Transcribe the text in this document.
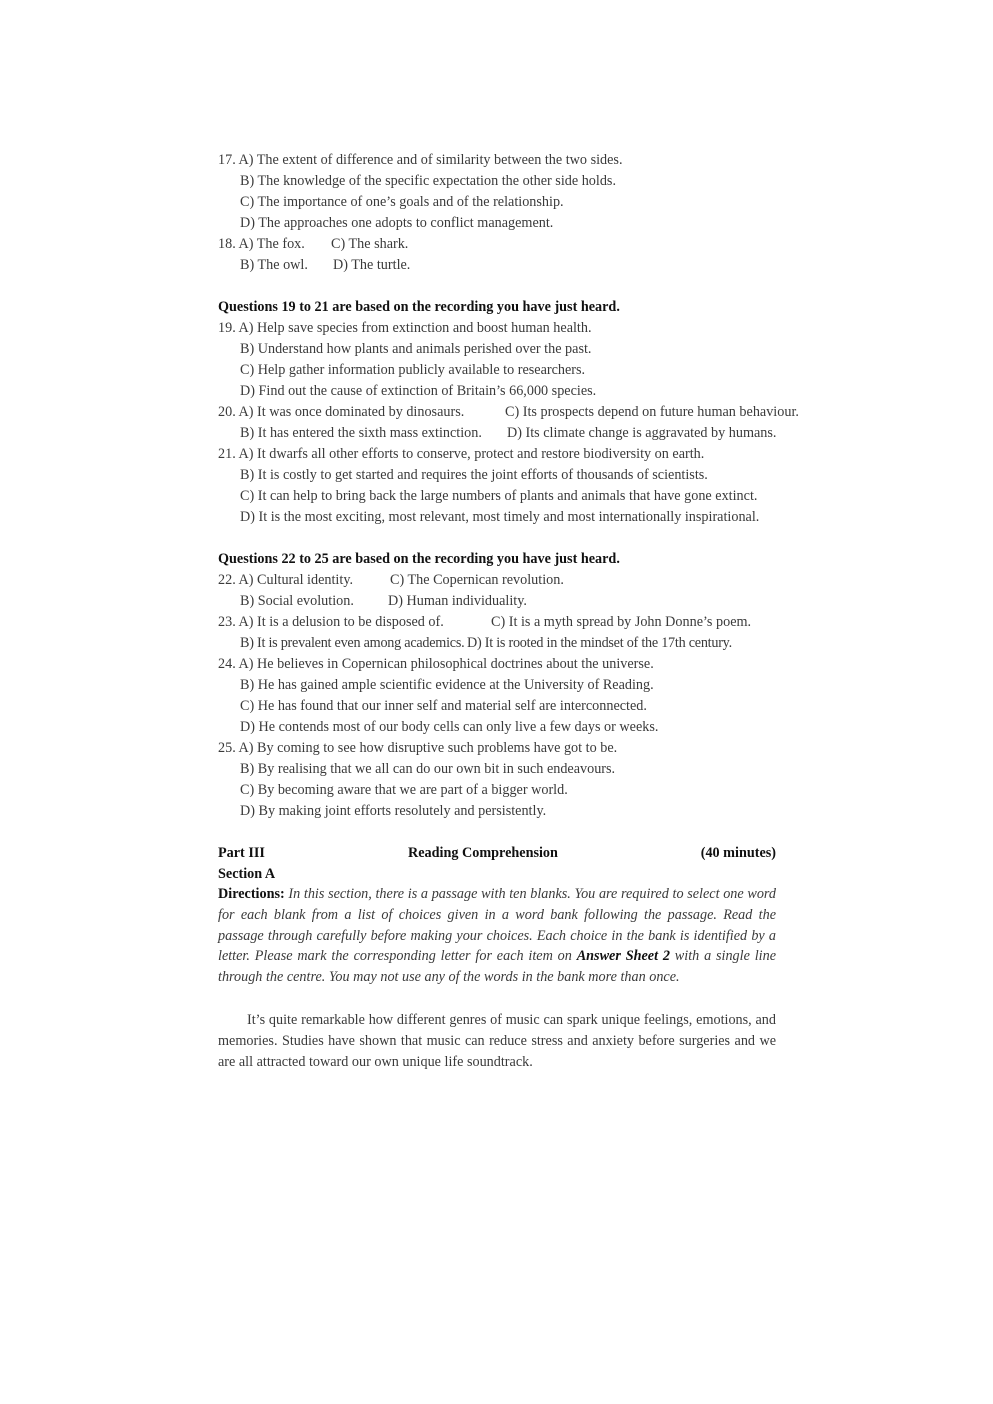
17. A) The extent of difference and of similarity between the two sides.
B) The knowledge of the specific expectation the other side holds.
C) The importance of one’s goals and of the relationship.
D) The approaches one adopts to conflict management.
18. A) The fox. C) The shark.
B) The owl. D) The turtle.
Questions 19 to 21 are based on the recording you have just heard.
19. A) Help save species from extinction and boost human health.
B) Understand how plants and animals perished over the past.
C) Help gather information publicly available to researchers.
D) Find out the cause of extinction of Britain’s 66,000 species.
20. A) It was once dominated by dinosaurs.	C) Its prospects depend on future human behaviour.
B) It has entered the sixth mass extinction. D) Its climate change is aggravated by humans.
21. A) It dwarfs all other efforts to conserve, protect and restore biodiversity on earth.
B) It is costly to get started and requires the joint efforts of thousands of scientists.
C) It can help to bring back the large numbers of plants and animals that have gone extinct.
D) It is the most exciting, most relevant, most timely and most internationally inspirational.
Questions 22 to 25 are based on the recording you have just heard.
22. A) Cultural identity.	C) The Copernican revolution.
B) Social evolution. D) Human individuality.
23. A) It is a delusion to be disposed of.	C) It is a myth spread by John Donne’s poem.
B) It is prevalent even among academics. D) It is rooted in the mindset of the 17th century.
24. A) He believes in Copernican philosophical doctrines about the universe.
B) He has gained ample scientific evidence at the University of Reading.
C) He has found that our inner self and material self are interconnected.
D) He contends most of our body cells can only live a few days or weeks.
25. A) By coming to see how disruptive such problems have got to be.
B) By realising that we all can do our own bit in such endeavours.
C) By becoming aware that we are part of a bigger world.
D) By making joint efforts resolutely and persistently.
Part III	Reading Comprehension	(40 minutes)
Section A
Directions: In this section, there is a passage with ten blanks. You are required to select one word for each blank from a list of choices given in a word bank following the passage. Read the passage through carefully before making your choices. Each choice in the bank is identified by a letter. Please mark the corresponding letter for each item on Answer Sheet 2 with a single line through the centre. You may not use any of the words in the bank more than once.
It’s quite remarkable how different genres of music can spark unique feelings, emotions, and memories. Studies have shown that music can reduce stress and anxiety before surgeries and we are all attracted toward our own unique life soundtrack.
